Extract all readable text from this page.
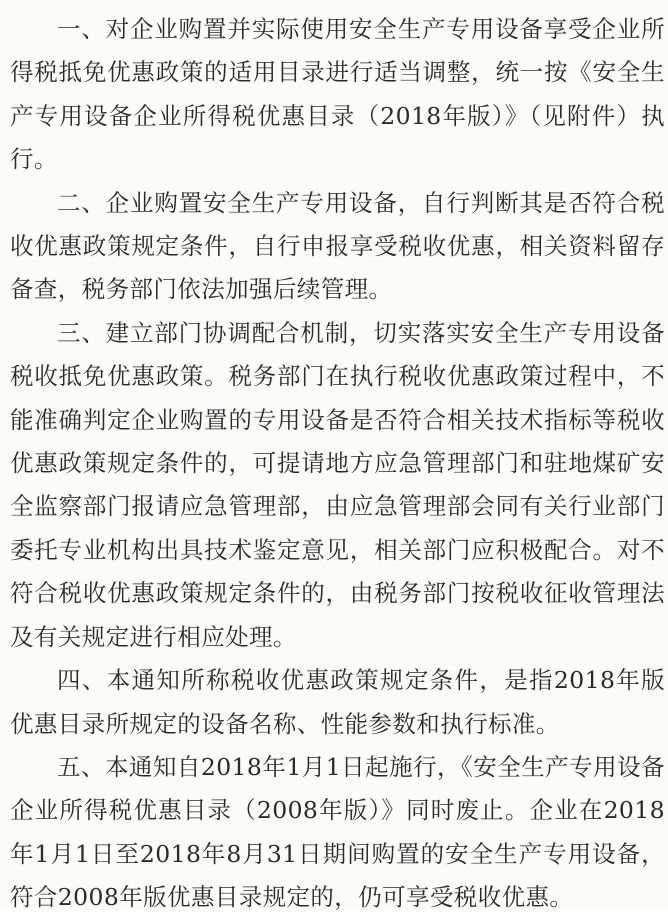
一、对企业购置并实际使用安全生产专用设备享受企业所得税抵免优惠政策的适用目录进行适当调整，统一按《安全生产专用设备企业所得税优惠目录（2018年版）》（见附件）执行。

二、企业购置安全生产专用设备，自行判断其是否符合税收优惠政策规定条件，自行申报享受税收优惠，相关资料留存备查，税务部门依法加强后续管理。

三、建立部门协调配合机制，切实落实安全生产专用设备税收抵免优惠政策。税务部门在执行税收优惠政策过程中，不能准确判定企业购置的专用设备是否符合相关技术指标等税收优惠政策规定条件的，可提请地方应急管理部门和驻地煤矿安全监察部门报请应急管理部，由应急管理部会同有关行业部门委托专业机构出具技术鉴定意见，相关部门应积极配合。对不符合税收优惠政策规定条件的，由税务部门按税收征收管理法及有关规定进行相应处理。

四、本通知所称税收优惠政策规定条件，是指2018年版优惠目录所规定的设备名称、性能参数和执行标准。

五、本通知自2018年1月1日起施行，《安全生产专用设备企业所得税优惠目录（2008年版）》同时废止。企业在2018年1月1日至2018年8月31日期间购置的安全生产专用设备，符合2008年版优惠目录规定的，仍可享受税收优惠。
